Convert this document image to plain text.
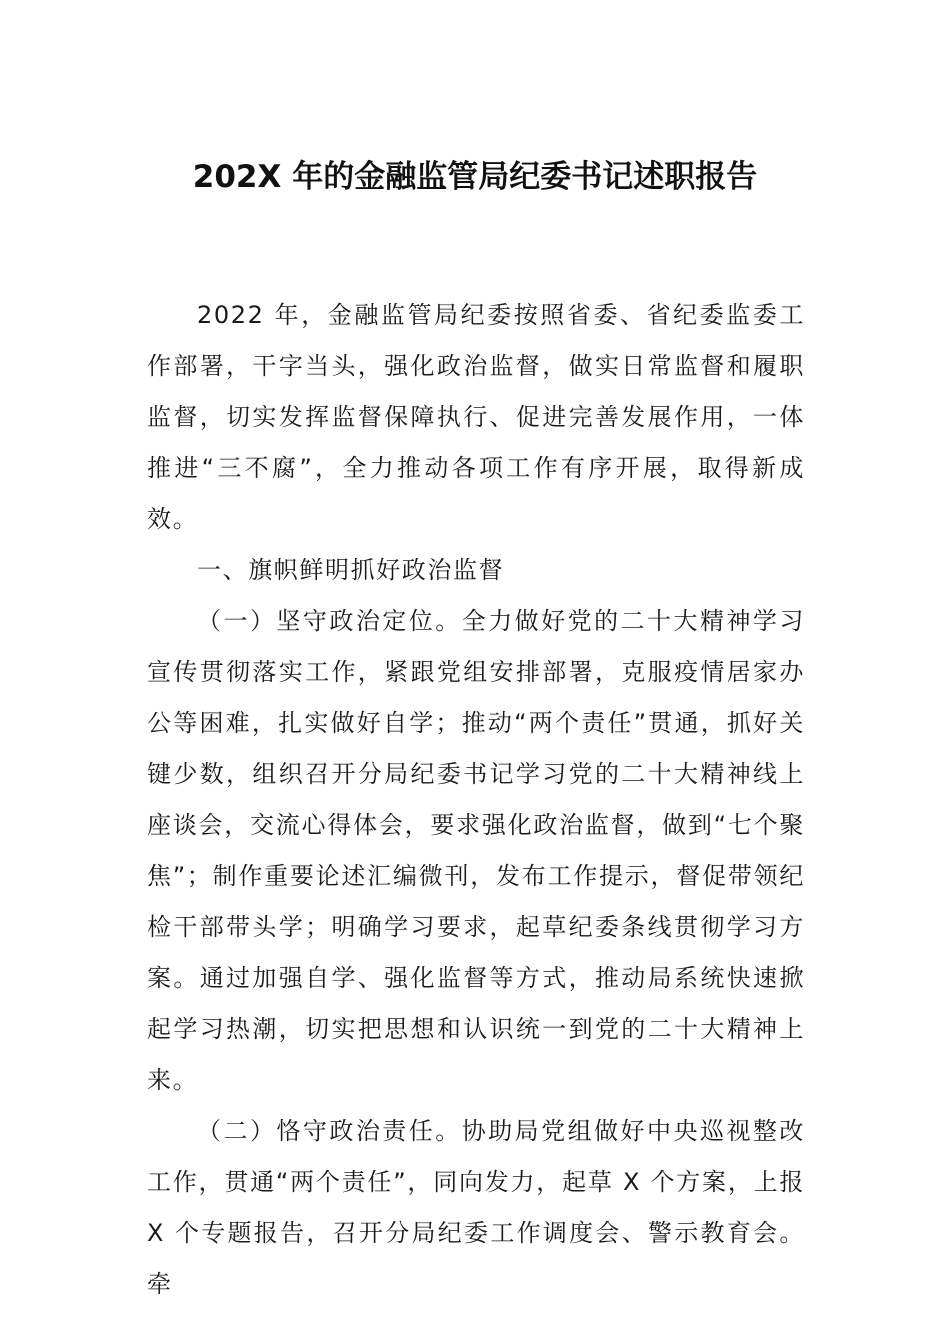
202X 年的金融监管局纪委书记述职报告

2022 年，金融监管局纪委按照省委、省纪委监委工作部署，干字当头，强化政治监督，做实日常监督和履职监督，切实发挥监督保障执行、促进完善发展作用，一体推进“三不腐”，全力推动各项工作有序开展，取得新成效。

一、旗帜鲜明抓好政治监督

（一）坚守政治定位。全力做好党的二十大精神学习宣传贯彻落实工作，紧跟党组安排部署，克服疫情居家办公等困难，扎实做好自学；推动“两个责任”贯通，抓好关键少数，组织召开分局纪委书记学习党的二十大精神线上座谈会，交流心得体会，要求强化政治监督，做到“七个聚焦”；制作重要论述汇编微刊，发布工作提示，督促带领纪检干部带头学；明确学习要求，起草纪委条线贯彻学习方案。通过加强自学、强化监督等方式，推动局系统快速掀起学习热潮，切实把思想和认识统一到党的二十大精神上来。

（二）恪守政治责任。协助局党组做好中央巡视整改工作，贯通“两个责任”，同向发力，起草 X 个方案，上报 X 个专题报告，召开分局纪委工作调度会、警示教育会。牵
